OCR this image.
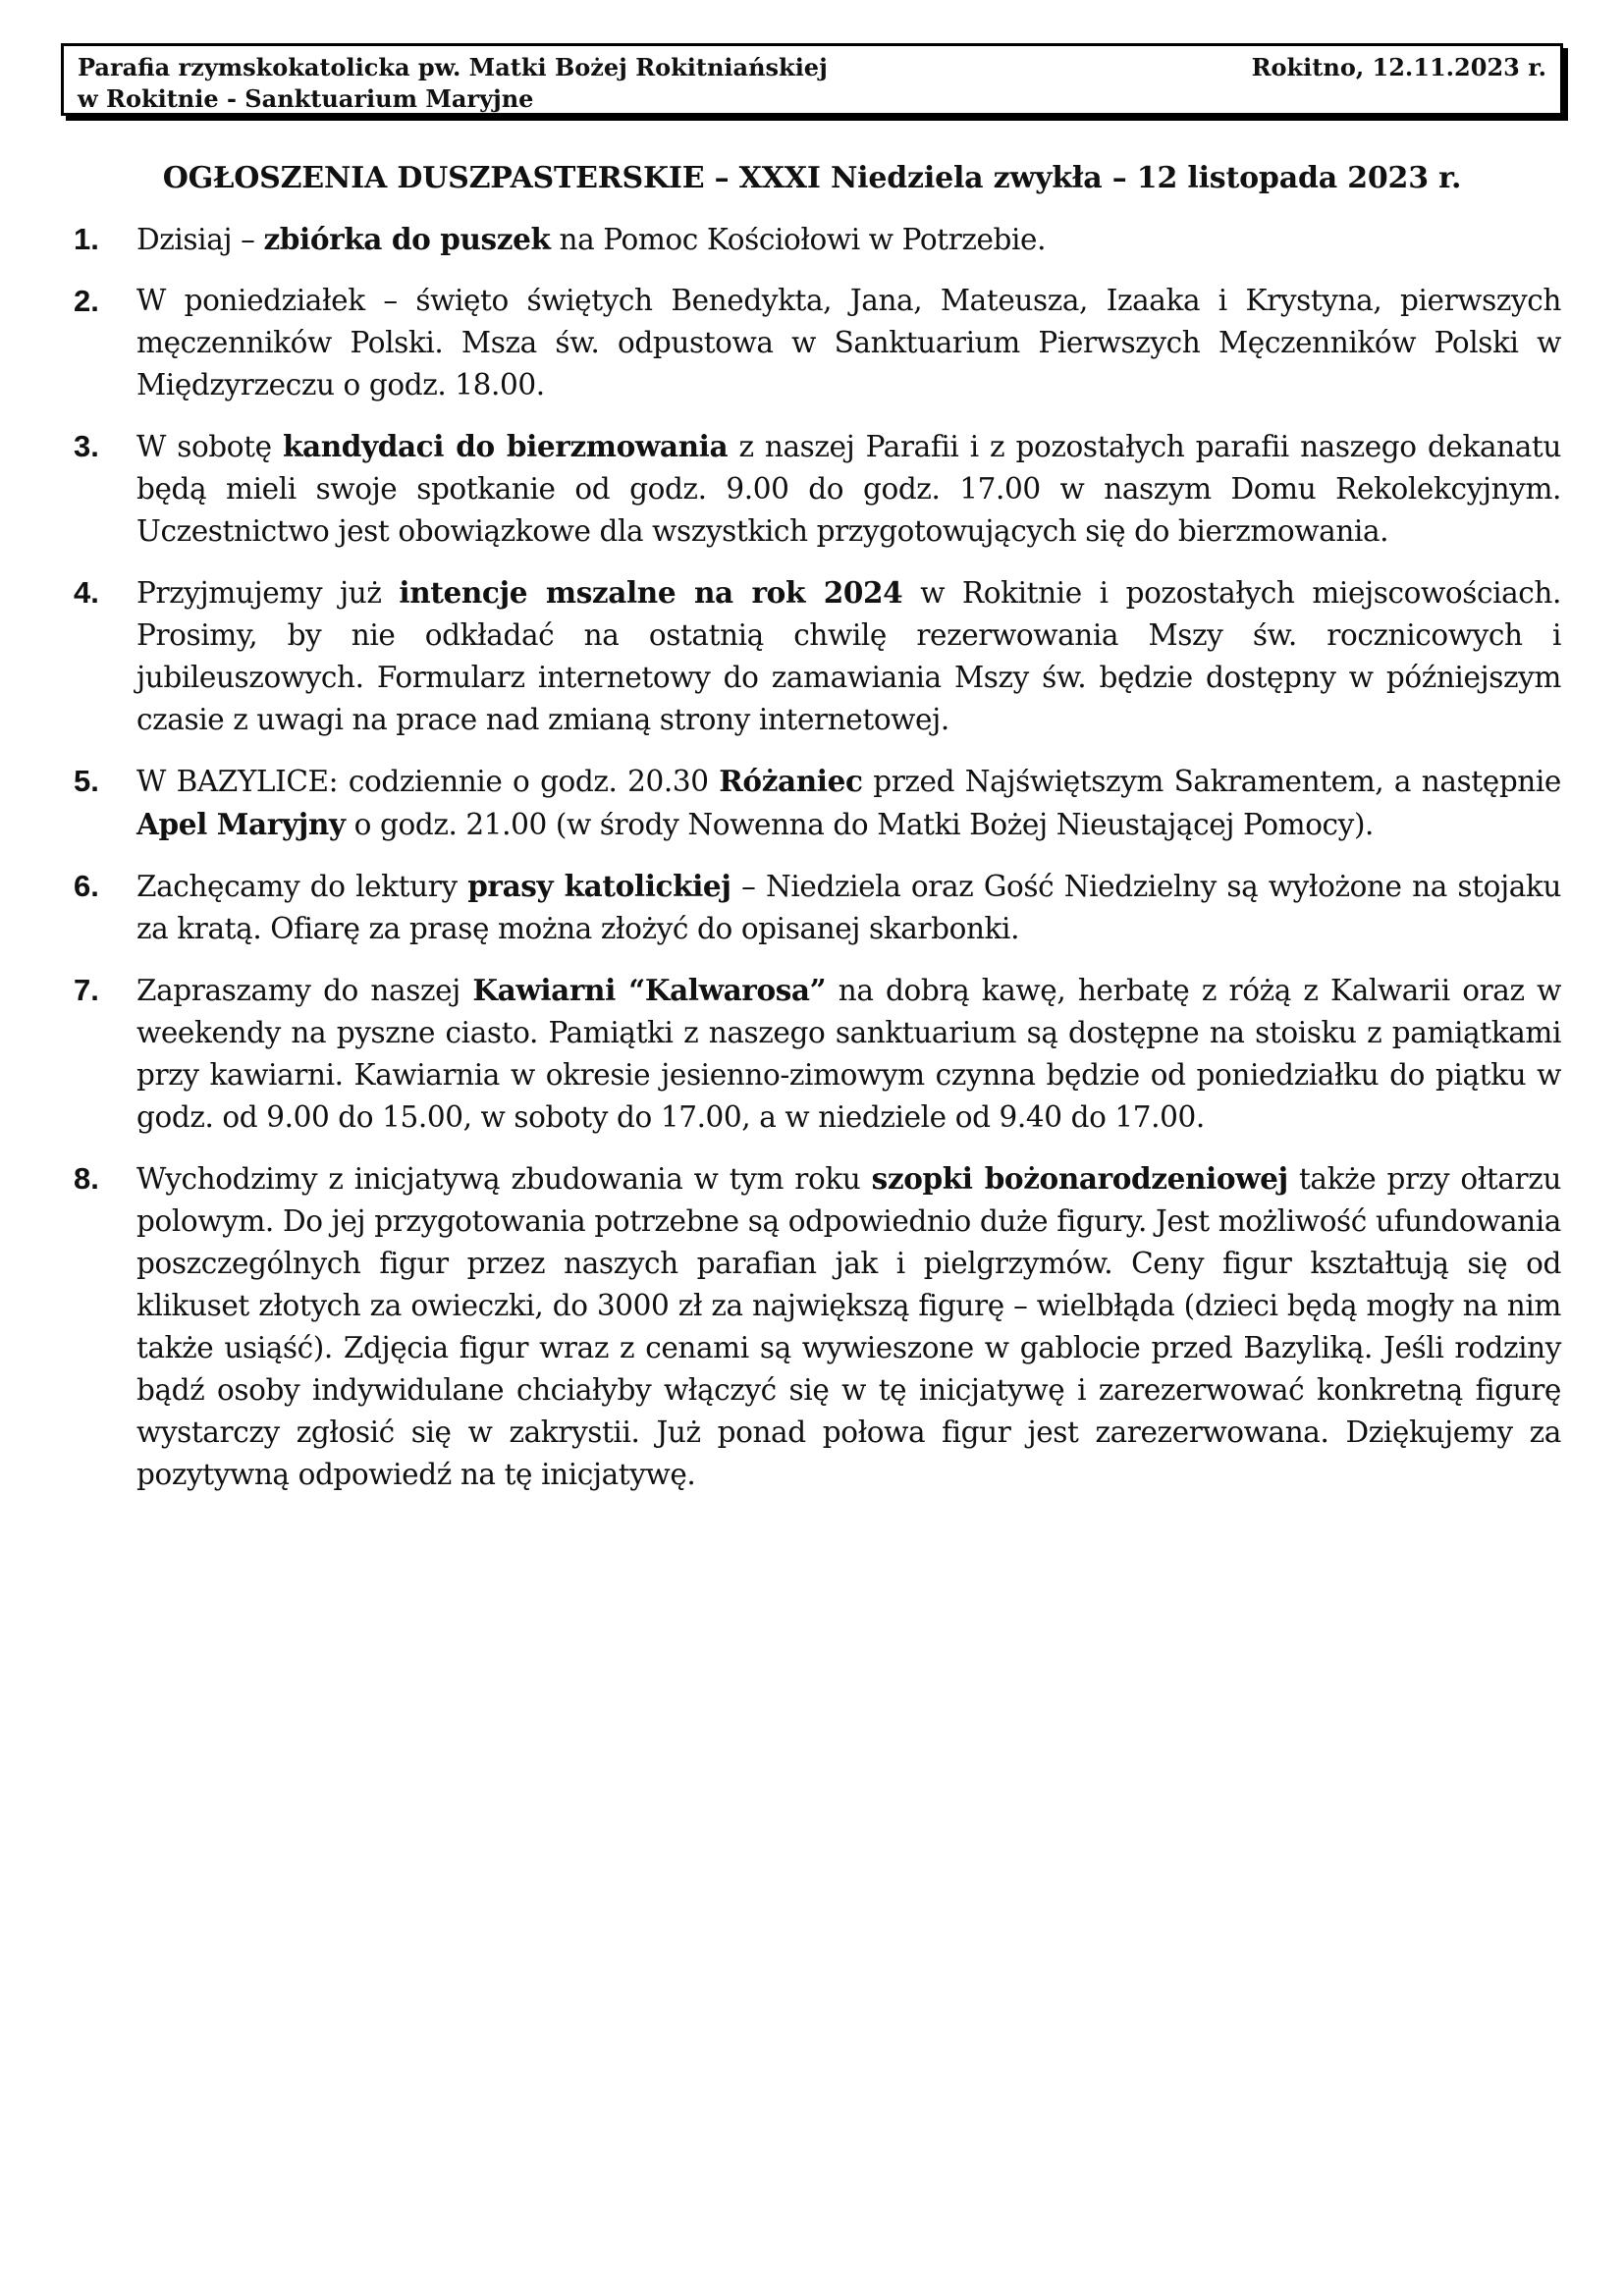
Parafia rzymskokatolicka pw. Matki Bożej Rokitniańskiej	Rokitno, 12.11.2023 r.
w Rokitnie - Sanktuarium Maryjne
OGŁOSZENIA DUSZPASTERSKIE – XXXI Niedziela zwykła – 12 listopada 2023 r.
1.	Dzisiaj – zbiórka do puszek na Pomoc Kościołowi w Potrzebie.
2.	W poniedziałek – święto świętych Benedykta, Jana, Mateusza, Izaaka i Krystyna, pierwszych męczenników Polski. Msza św. odpustowa w Sanktuarium Pierwszych Męczenników Polski w Międzyrzeczu o godz. 18.00.
3.	W sobotę kandydaci do bierzmowania z naszej Parafii i z pozostałych parafii naszego dekanatu będą mieli swoje spotkanie od godz. 9.00 do godz. 17.00 w naszym Domu Rekolekcyjnym. Uczestnictwo jest obowiązkowe dla wszystkich przygotowujących się do bierzmowania.
4.	Przyjmujemy już intencje mszalne na rok 2024 w Rokitnie i pozostałych miejscowościach. Prosimy, by nie odkładać na ostatnią chwilę rezerwowania Mszy św. rocznicowych i jubileuszowych. Formularz internetowy do zamawiania Mszy św. będzie dostępny w późniejszym czasie z uwagi na prace nad zmianą strony internetowej.
5.	W BAZYLICE: codziennie o godz. 20.30 Różaniec przed Najświętszym Sakramentem, a następnie Apel Maryjny o godz. 21.00 (w środy Nowenna do Matki Bożej Nieustającej Pomocy).
6.	Zachęcamy do lektury prasy katolickiej – Niedziela oraz Gość Niedzielny są wyłożone na stojaku za kratą. Ofiarę za prasę można złożyć do opisanej skarbonki.
7.	Zapraszamy do naszej Kawiarni “Kalwarosa” na dobrą kawę, herbatę z różą z Kalwarii oraz w weekendy na pyszne ciasto. Pamiątki z naszego sanktuarium są dostępne na stoisku z pamiątkami przy kawiarni. Kawiarnia w okresie jesienno-zimowym czynna będzie od poniedziałku do piątku w godz. od 9.00 do 15.00, w soboty do 17.00, a w niedziele od 9.40 do 17.00.
8.	Wychodzimy z inicjatywą zbudowania w tym roku szopki bożonarodzeniowej także przy ołtarzu polowym. Do jej przygotowania potrzebne są odpowiednio duże figury. Jest możliwość ufundowania poszczególnych figur przez naszych parafian jak i pielgrzymów. Ceny figur kształtują się od klikuset złotych za owieczki, do 3000 zł za największą figurę – wielbłąda (dzieci będą mogły na nim także usiąść). Zdjęcia figur wraz z cenami są wywieszone w gablocie przed Bazyliką. Jeśli rodziny bądź osoby indywidulane chciałyby włączyć się w tę inicjatywę i zarezerwować konkretną figurę wystarczy zgłosić się w zakrystii. Już ponad połowa figur jest zarezerwowana. Dziękujemy za pozytywną odpowiedź na tę inicjatywę.
